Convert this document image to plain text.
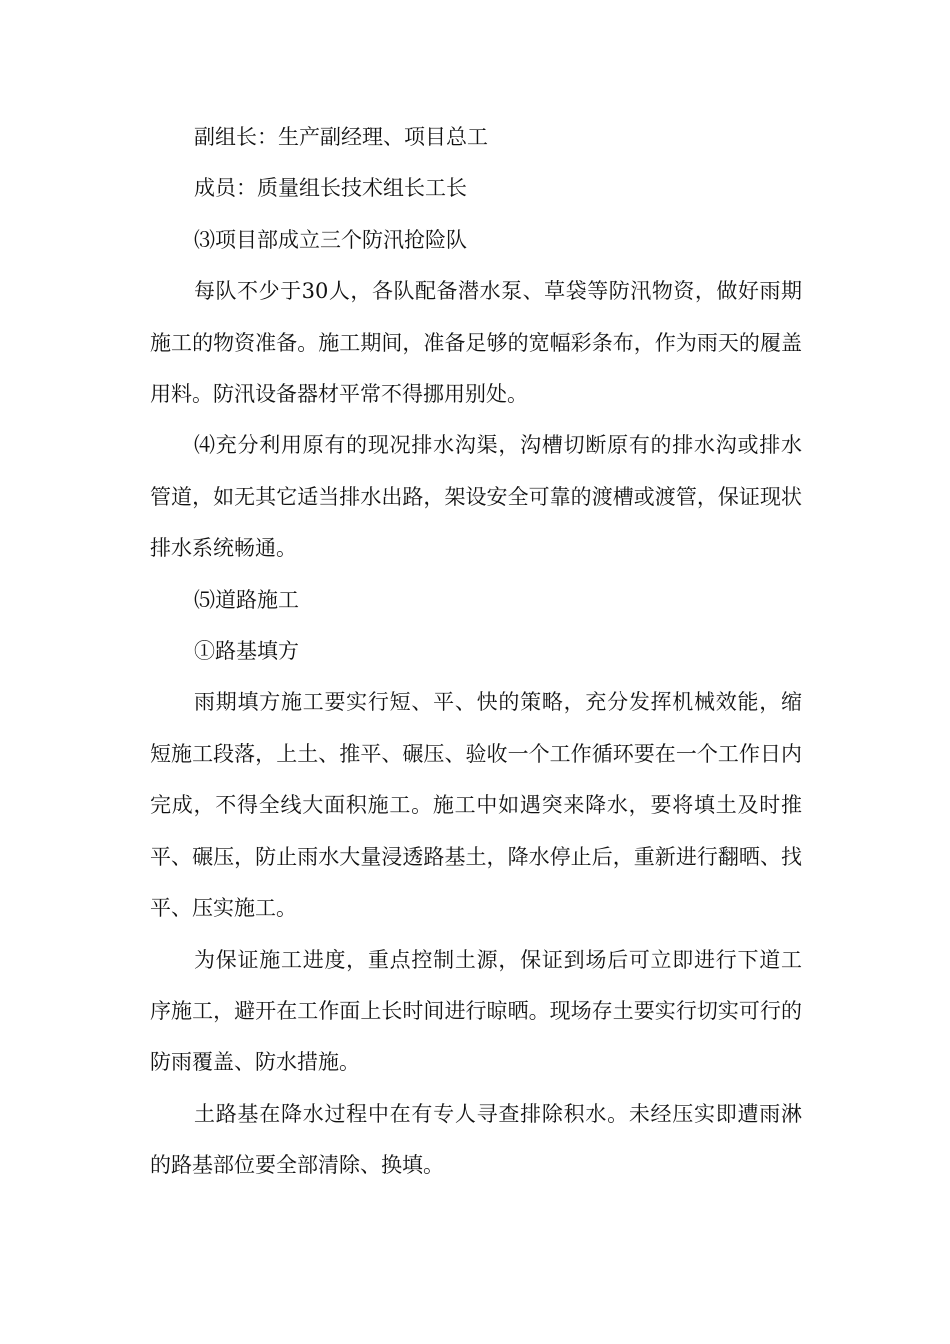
副组长：生产副经理、项目总工

成员：质量组长技术组长工长

⑶项目部成立三个防汛抢险队

每队不少于30人，各队配备潜水泵、草袋等防汛物资，做好雨期施工的物资准备。施工期间，准备足够的宽幅彩条布，作为雨天的履盖用料。防汛设备器材平常不得挪用别处。

⑷充分利用原有的现况排水沟渠，沟槽切断原有的排水沟或排水管道，如无其它适当排水出路，架设安全可靠的渡槽或渡管，保证现状排水系统畅通。

⑸道路施工

①路基填方

雨期填方施工要实行短、平、快的策略，充分发挥机械效能，缩短施工段落，上土、推平、碾压、验收一个工作循环要在一个工作日内完成，不得全线大面积施工。施工中如遇突来降水，要将填土及时推平、碾压，防止雨水大量浸透路基土，降水停止后，重新进行翻晒、找平、压实施工。

为保证施工进度，重点控制土源，保证到场后可立即进行下道工序施工，避开在工作面上长时间进行晾晒。现场存土要实行切实可行的防雨覆盖、防水措施。

土路基在降水过程中在有专人寻查排除积水。未经压实即遭雨淋的路基部位要全部清除、换填。
